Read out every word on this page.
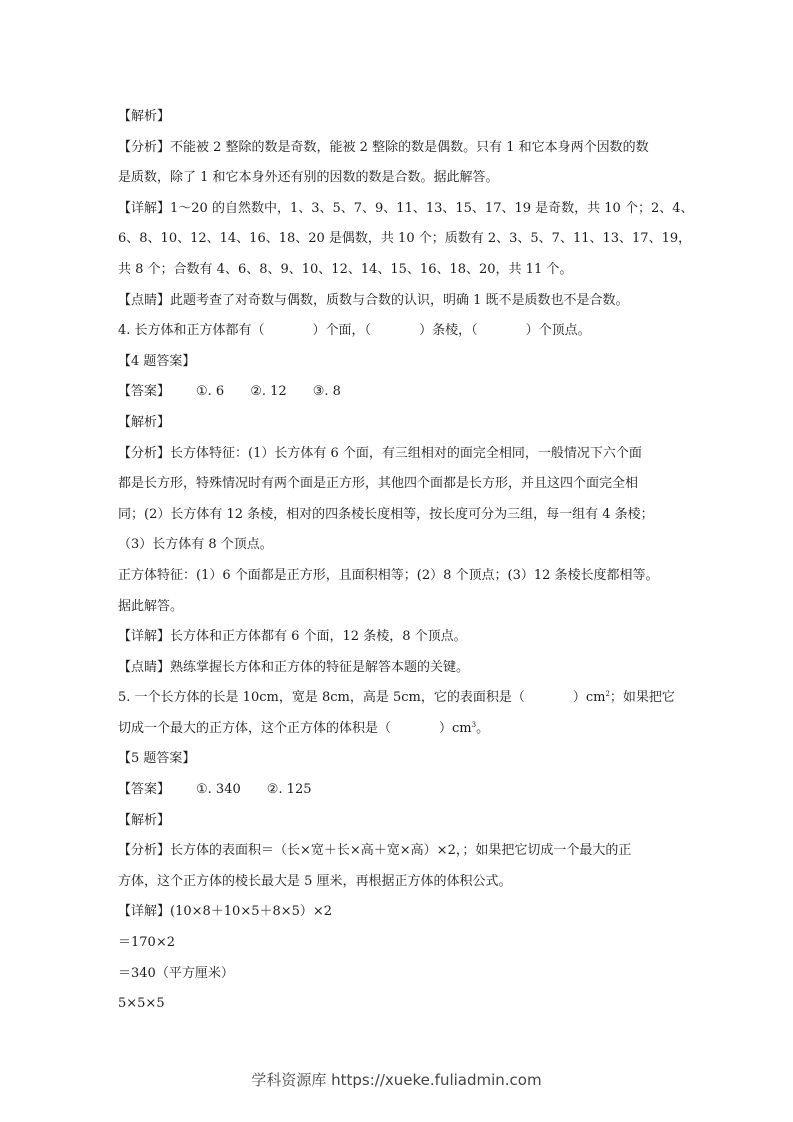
【解析】
【分析】不能被 2 整除的数是奇数，能被 2 整除的数是偶数。只有 1 和它本身两个因数的数
是质数，除了 1 和它本身外还有别的因数的数是合数。据此解答。
【详解】1～20 的自然数中，1、3、5、7、9、11、13、15、17、19 是奇数，共 10 个；2、4、
6、8、10、12、14、16、18、20 是偶数，共 10 个；质数有 2、3、5、7、11、13、17、19，
共 8 个；合数有 4、6、8、9、10、12、14、15、16、18、20，共 11 个。
【点睛】此题考查了对奇数与偶数，质数与合数的认识，明确 1 既不是质数也不是合数。
4. 长方体和正方体都有（	）个面，（	）条棱，（	）个顶点。
【4 题答案】
【答案】 ①. 6 ②. 12 ③. 8
【解析】
【分析】长方体特征：(1）长方体有 6 个面，有三组相对的面完全相同，一般情况下六个面
都是长方形，特殊情况时有两个面是正方形，其他四个面都是长方形，并且这四个面完全相
同；(2）长方体有 12 条棱，相对的四条棱长度相等，按长度可分为三组，每一组有 4 条棱；
（3）长方体有 8 个顶点。
正方体特征：(1）6 个面都是正方形，且面积相等；(2）8 个顶点；(3）12 条棱长度都相等。
据此解答。
【详解】长方体和正方体都有 6 个面，12 条棱，8 个顶点。
【点睛】熟练掌握长方体和正方体的特征是解答本题的关键。
5. 一个长方体的长是 10cm，宽是 8cm，高是 5cm，它的表面积是（	）$cm^2$；如果把它
切成一个最大的正方体，这个正方体的体积是（	）$cm^3$。
【5 题答案】
【答案】 ①. 340 ②. 125
【解析】
【分析】长方体的表面积＝（长×宽＋长×高＋宽×高）×2，；如果把它切成一个最大的正
方体，这个正方体的棱长最大是 5 厘米，再根据正方体的体积公式。
【详解】(10×8＋10×5＋8×5）×2
＝170×2
＝340（平方厘米）
5×5×5
学科资源库 https://xueke.fuliadmin.com
